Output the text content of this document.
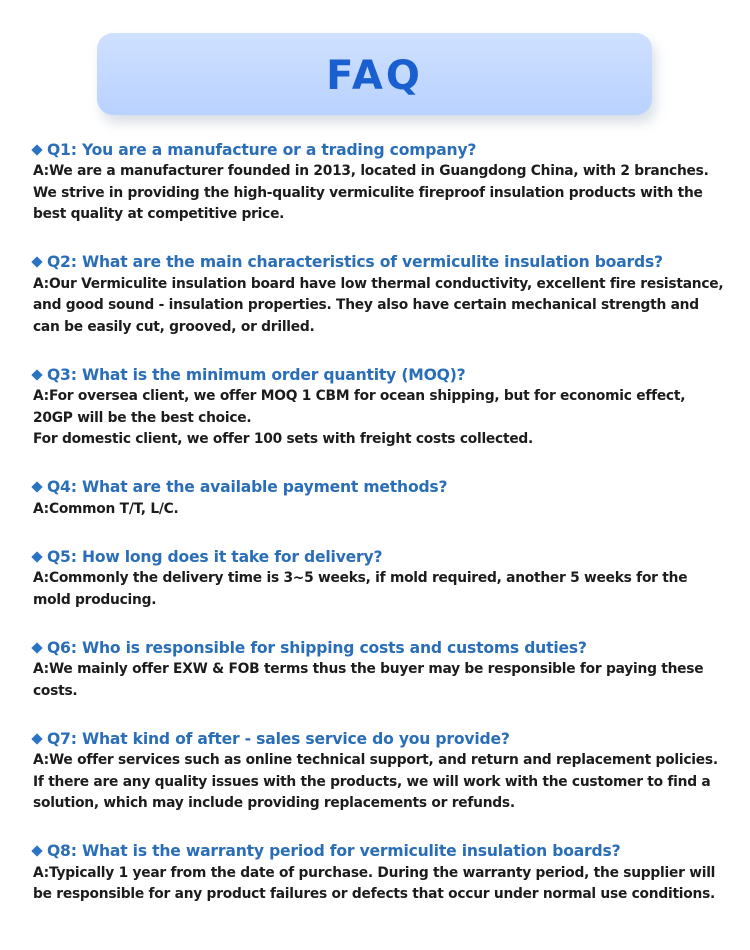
FAQ
Q1: You are a manufacture or a trading company?
A:We are a manufacturer founded in 2013, located in Guangdong China, with 2 branches.
We strive in providing the high-quality vermiculite fireproof insulation products with the
best quality at competitive price.
Q2: What are the main characteristics of vermiculite insulation boards?
A:Our Vermiculite insulation board have low thermal conductivity, excellent fire resistance,
and good sound - insulation properties. They also have certain mechanical strength and
can be easily cut, grooved, or drilled.
Q3: What is the minimum order quantity (MOQ)?
A:For oversea client, we offer MOQ 1 CBM for ocean shipping, but for economic effect,
20GP will be the best choice.
For domestic client, we offer 100 sets with freight costs collected.
Q4: What are the available payment methods?
A:Common T/T, L/C.
Q5: How long does it take for delivery?
A:Commonly the delivery time is 3~5 weeks, if mold required, another 5 weeks for the
mold producing.
Q6: Who is responsible for shipping costs and customs duties?
A:We mainly offer EXW & FOB terms thus the buyer may be responsible for paying these
costs.
Q7: What kind of after - sales service do you provide?
A:We offer services such as online technical support, and return and replacement policies.
If there are any quality issues with the products, we will work with the customer to find a
solution, which may include providing replacements or refunds.
Q8: What is the warranty period for vermiculite insulation boards?
A:Typically 1 year from the date of purchase. During the warranty period, the supplier will
be responsible for any product failures or defects that occur under normal use conditions.
